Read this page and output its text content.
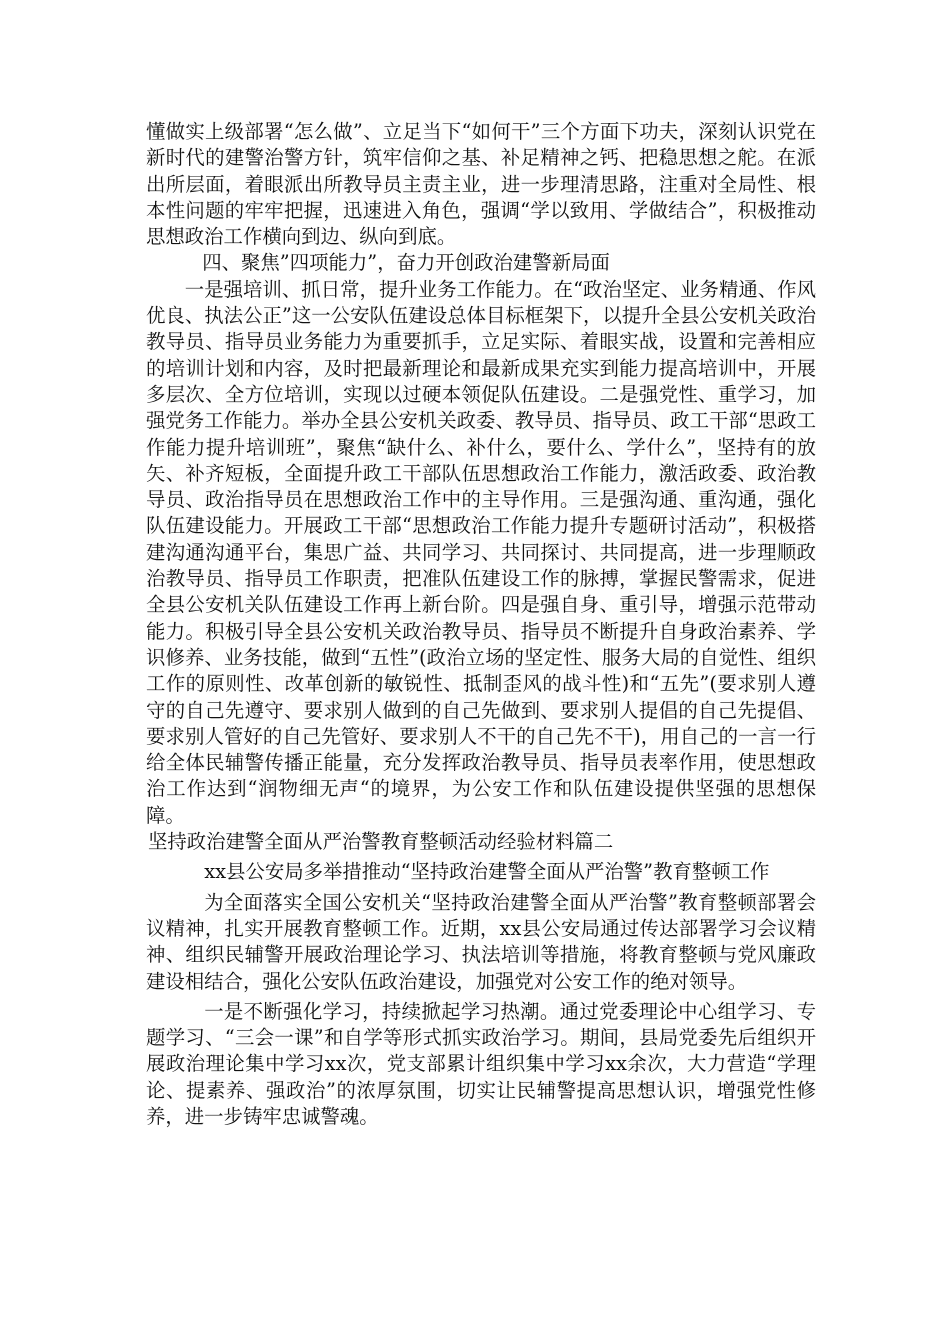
懂做实上级部署“怎么做”、立足当下“如何干”三个方面下功夫，深刻认识党在新时代的建警治警方针，筑牢信仰之基、补足精神之钙、把稳思想之舵。在派出所层面，着眼派出所教导员主责主业，进一步理清思路，注重对全局性、根本性问题的牢牢把握，迅速进入角色，强调“学以致用、学做结合”，积极推动思想政治工作横向到边、纵向到底。

四、聚焦”四项能力”，奋力开创政治建警新局面

一是强培训、抓日常，提升业务工作能力。在“政治坚定、业务精通、作风优良、执法公正”这一公安队伍建设总体目标框架下，以提升全县公安机关政治教导员、指导员业务能力为重要抓手，立足实际、着眼实战，设置和完善相应的培训计划和内容，及时把最新理论和最新成果充实到能力提高培训中，开展多层次、全方位培训，实现以过硬本领促队伍建设。二是强党性、重学习，加强党务工作能力。举办全县公安机关政委、教导员、指导员、政工干部“思政工作能力提升培训班”，聚焦“缺什么、补什么，要什么、学什么”，坚持有的放矢、补齐短板，全面提升政工干部队伍思想政治工作能力，激活政委、政治教导员、政治指导员在思想政治工作中的主导作用。三是强沟通、重沟通，强化队伍建设能力。开展政工干部“思想政治工作能力提升专题研讨活动”，积极搭建沟通沟通平台，集思广益、共同学习、共同探讨、共同提高，进一步理顺政治教导员、指导员工作职责，把准队伍建设工作的脉搏，掌握民警需求，促进全县公安机关队伍建设工作再上新台阶。四是强自身、重引导，增强示范带动能力。积极引导全县公安机关政治教导员、指导员不断提升自身政治素养、学识修养、业务技能，做到“五性”(政治立场的坚定性、服务大局的自觉性、组织工作的原则性、改革创新的敏锐性、抵制歪风的战斗性)和“五先”(要求别人遵守的自己先遵守、要求别人做到的自己先做到、要求别人提倡的自己先提倡、要求别人管好的自己先管好、要求别人不干的自己先不干)，用自己的一言一行给全体民辅警传播正能量，充分发挥政治教导员、指导员表率作用，使思想政治工作达到“润物细无声“的境界，为公安工作和队伍建设提供坚强的思想保障。

坚持政治建警全面从严治警教育整顿活动经验材料篇二

xx县公安局多举措推动“坚持政治建警全面从严治警”教育整顿工作

为全面落实全国公安机关“坚持政治建警全面从严治警”教育整顿部署会议精神，扎实开展教育整顿工作。近期，xx县公安局通过传达部署学习会议精神、组织民辅警开展政治理论学习、执法培训等措施，将教育整顿与党风廉政建设相结合，强化公安队伍政治建设，加强党对公安工作的绝对领导。

一是不断强化学习，持续掀起学习热潮。通过党委理论中心组学习、专题学习、“三会一课”和自学等形式抓实政治学习。期间，县局党委先后组织开展政治理论集中学习xx次，党支部累计组织集中学习xx余次，大力营造“学理论、提素养、强政治”的浓厚氛围，切实让民辅警提高思想认识，增强党性修养，进一步铸牢忠诚警魂。
